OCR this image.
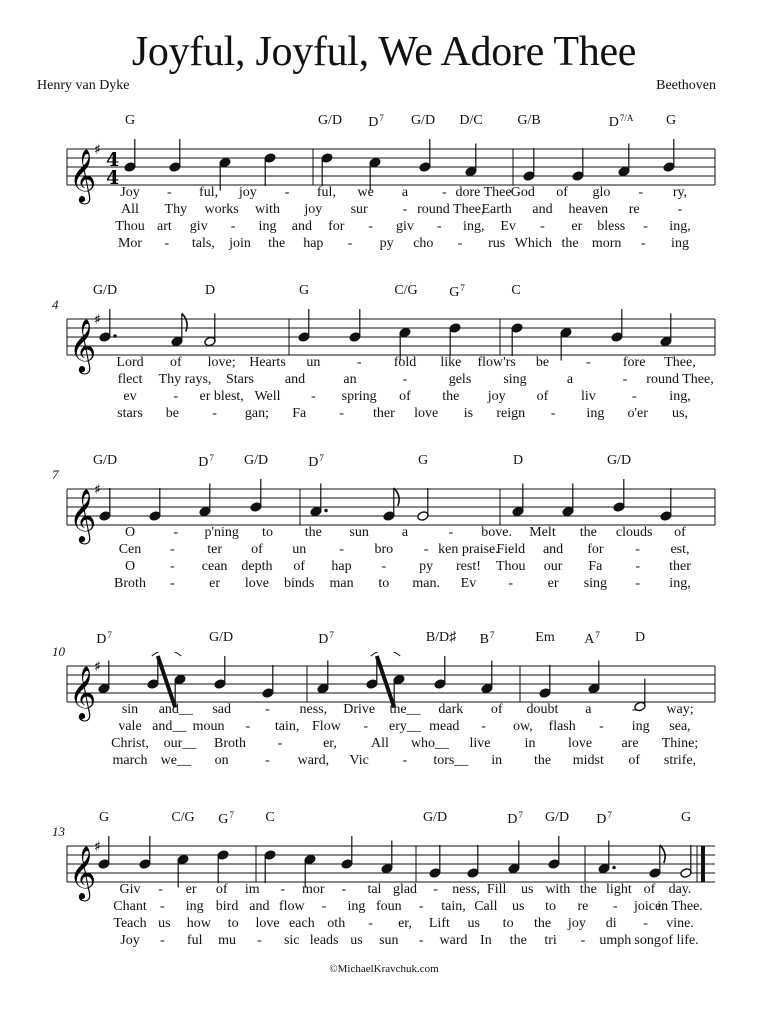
Joyful, Joyful, We Adore Thee
Henry van Dyke	Beethoven
G	G/D $D^7$ G/D D/C G/B	$D^{7/A}$ G
𝄞
♯ 4
4
Joy - ful, joy - ful, we a - dore Thee God of glo - ry,
All Thy works with joy sur - round Thee,
Earth and heaven re	-
Thou art giv - ing and for - giv - ing, Ev - er bless - ing,
Mor - tals, join the hap - py cho - rus Which the morn - ing
4
G/D	D	G	C/G $G^7$	C
𝄞
♯
Lord of love; Hearts un	- fold like flow'rs be	- fore Thee,
flect Thy rays, Stars and	an	-	gels sing	a	- round Thee,
ev	- er blest, Well - spring of the joy of liv	- ing,
stars be - gan; Fa - ther love is reign - ing o'er us,
7
G/D	$D^7$ G/D	$D^7$	G	D	G/D
𝄞
♯
O	- p'ning to the sun a	- bove. Melt the clouds of
Cen - ter of un - bro - ken praise.
Field and for - est,
O - cean depth of hap - py rest! Thou our Fa - ther
Broth - er love binds man to man. Ev - er sing - ing,
10
$D^7$	G/D	$D^7$	B/D♯ $B^7$	Em $A^7$	D
𝄞
♯
sin and__ sad - ness, Drive the__ dark of doubt a	- way;
vale and__ moun - tain, Flow - ery__ mead - ow, flash - ing sea,
Christ, our__ Broth -	er, All who__ live in love are Thine;
march we__ on	- ward, Vic - tors__ in the midst of strife,
13
G	C/G $G^7$ C	G/D	$D^7$ G/D $D^7$	G
𝄞
♯
Giv - er of im - mor - tal glad - ness, Fill us with the light of day.
Chant - ing bird and flow - ing foun - tain, Call us to re - joice
in Thee.
Teach us how to love each oth - er, Lift us to the joy di - vine.
Joy - ful mu - sic leads us sun - ward In the tri - umph song of life.
©MichaelKravchuk.com
